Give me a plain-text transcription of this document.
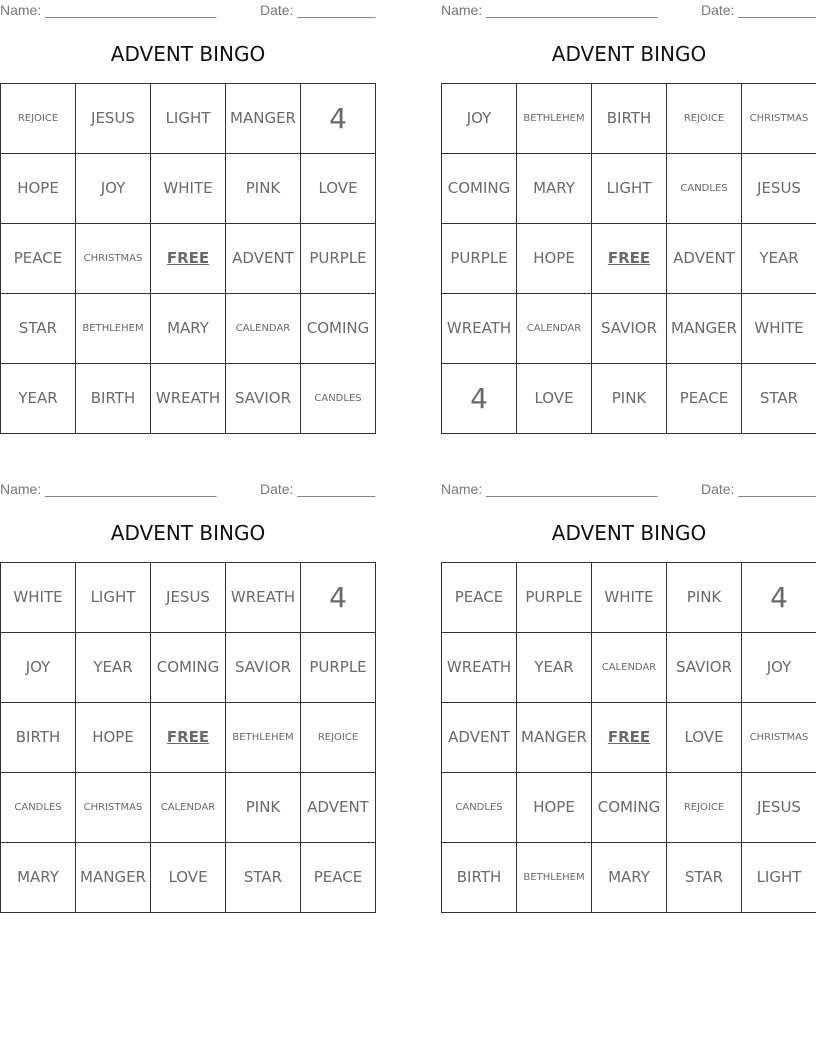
Name: ______________________	Date: __________
ADVENT BINGO
REJOICE	JESUS	LIGHT	MANGER	4
HOPE	JOY	WHITE	PINK	LOVE
PEACE	CHRISTMAS	FREE	ADVENT	PURPLE
STAR	BETHLEHEM	MARY	CALENDAR	COMING
YEAR	BIRTH	WREATH	SAVIOR	CANDLES
Name: ______________________	Date: __________
ADVENT BINGO
JOY	BETHLEHEM	BIRTH	REJOICE	CHRISTMAS
COMING	MARY	LIGHT	CANDLES	JESUS
PURPLE	HOPE	FREE	ADVENT	YEAR
WREATH	CALENDAR	SAVIOR	MANGER	WHITE
4	LOVE	PINK	PEACE	STAR
Name: ______________________	Date: __________
ADVENT BINGO
WHITE	LIGHT	JESUS	WREATH	4
JOY	YEAR	COMING	SAVIOR	PURPLE
BIRTH	HOPE	FREE	BETHLEHEM	REJOICE
CANDLES	CHRISTMAS	CALENDAR	PINK	ADVENT
MARY	MANGER	LOVE	STAR	PEACE
Name: ______________________	Date: __________
ADVENT BINGO
PEACE	PURPLE	WHITE	PINK	4
WREATH	YEAR	CALENDAR	SAVIOR	JOY
ADVENT	MANGER	FREE	LOVE	CHRISTMAS
CANDLES	HOPE	COMING	REJOICE	JESUS
BIRTH	BETHLEHEM	MARY	STAR	LIGHT
